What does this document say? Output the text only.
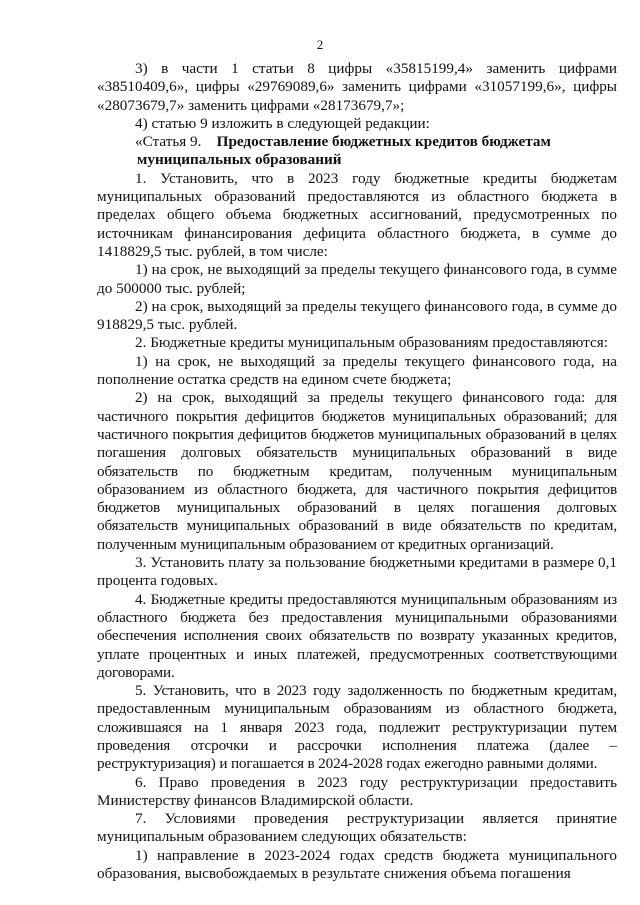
2

3) в части 1 статьи 8 цифры «35815199,4» заменить цифрами «38510409,6», цифры «29769089,6» заменить цифрами «31057199,6», цифры «28073679,7» заменить цифрами «28173679,7»;

4) статью 9 изложить в следующей редакции:

«Статья 9. Предоставление бюджетных кредитов бюджетам
муниципальных образований

1. Установить, что в 2023 году бюджетные кредиты бюджетам муниципальных образований предоставляются из областного бюджета в пределах общего объема бюджетных ассигнований, предусмотренных по источникам финансирования дефицита областного бюджета, в сумме до 1418829,5 тыс. рублей, в том числе:

1) на срок, не выходящий за пределы текущего финансового года, в сумме до 500000 тыс. рублей;

2) на срок, выходящий за пределы текущего финансового года, в сумме до 918829,5 тыс. рублей.

2. Бюджетные кредиты муниципальным образованиям предоставляются:

1) на срок, не выходящий за пределы текущего финансового года, на пополнение остатка средств на едином счете бюджета;

2) на срок, выходящий за пределы текущего финансового года: для частичного покрытия дефицитов бюджетов муниципальных образований; для частичного покрытия дефицитов бюджетов муниципальных образований в целях погашения долговых обязательств муниципальных образований в виде обязательств по бюджетным кредитам, полученным муниципальным образованием из областного бюджета, для частичного покрытия дефицитов бюджетов муниципальных образований в целях погашения долговых обязательств муниципальных образований в виде обязательств по кредитам, полученным муниципальным образованием от кредитных организаций.

3. Установить плату за пользование бюджетными кредитами в размере 0,1 процента годовых.

4. Бюджетные кредиты предоставляются муниципальным образованиям из областного бюджета без предоставления муниципальными образованиями обеспечения исполнения своих обязательств по возврату указанных кредитов, уплате процентных и иных платежей, предусмотренных соответствующими договорами.

5. Установить, что в 2023 году задолженность по бюджетным кредитам, предоставленным муниципальным образованиям из областного бюджета, сложившаяся на 1 января 2023 года, подлежит реструктуризации путем проведения отсрочки и рассрочки исполнения платежа (далее – реструктуризация) и погашается в 2024-2028 годах ежегодно равными долями.

6. Право проведения в 2023 году реструктуризации предоставить Министерству финансов Владимирской области.

7. Условиями проведения реструктуризации является принятие муниципальным образованием следующих обязательств:

1) направление в 2023-2024 годах средств бюджета муниципального образования, высвобождаемых в результате снижения объема погашения
